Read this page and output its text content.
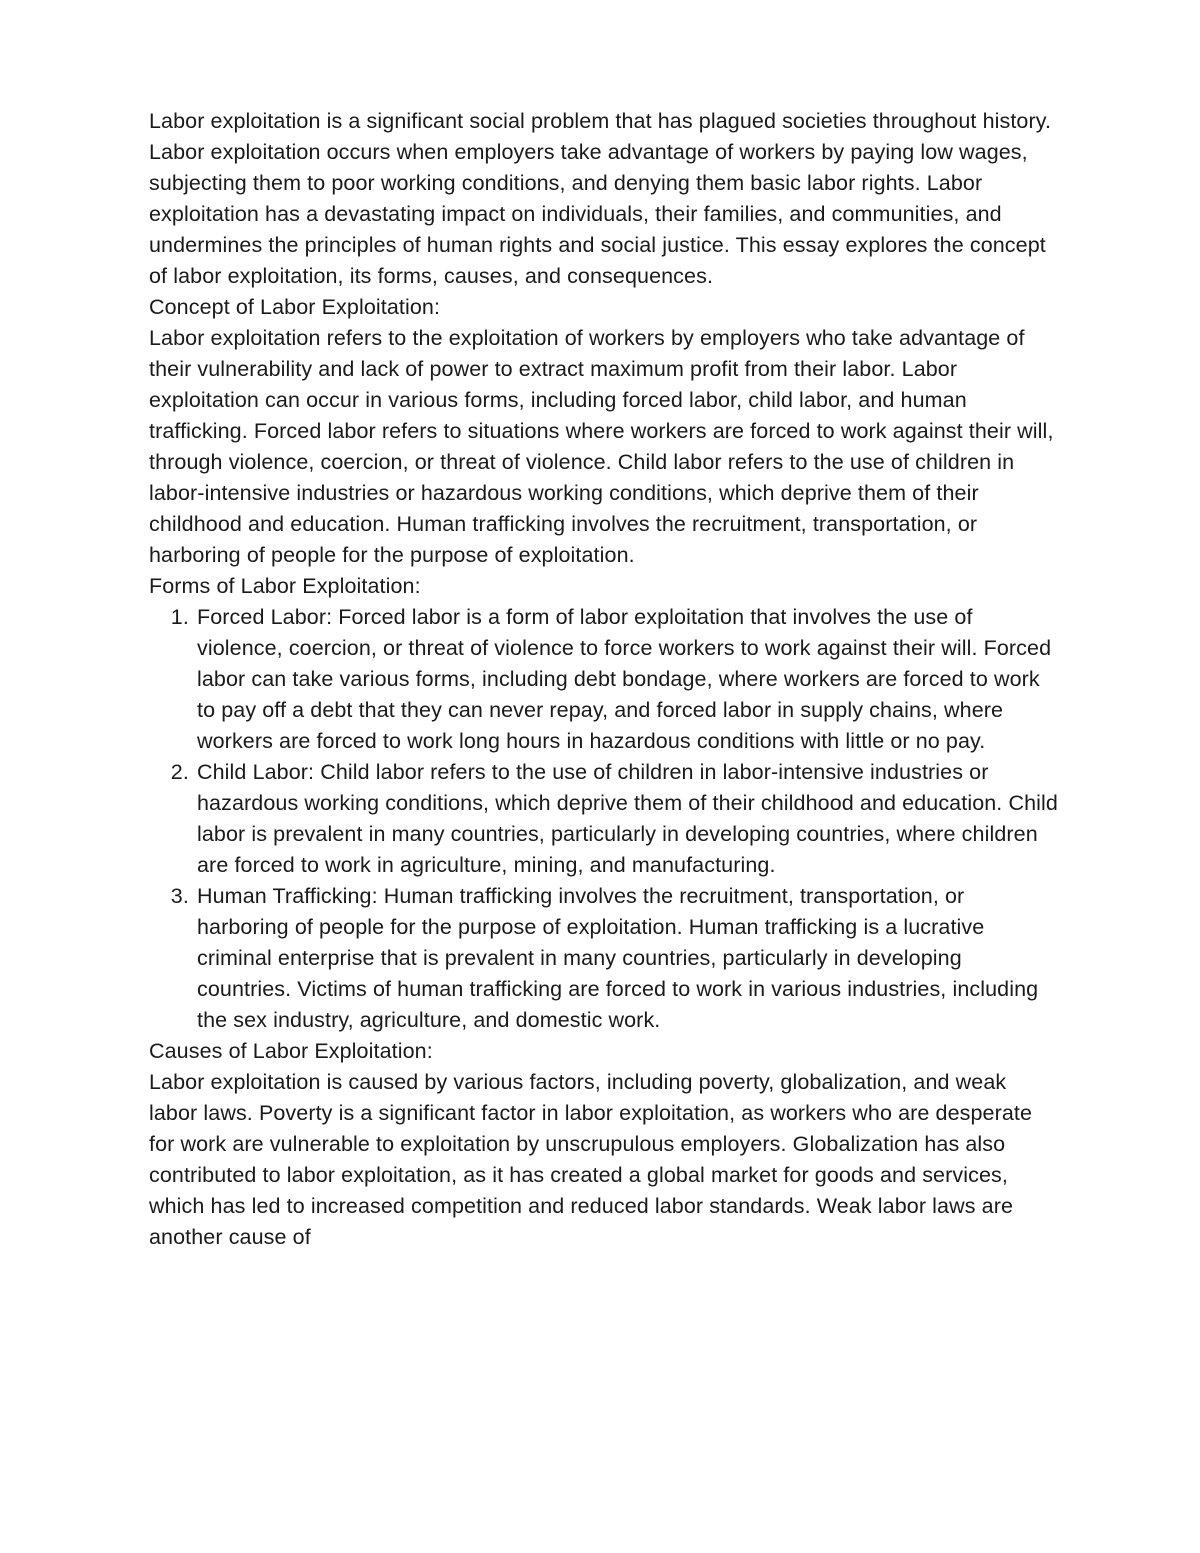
Labor exploitation is a significant social problem that has plagued societies throughout history. Labor exploitation occurs when employers take advantage of workers by paying low wages, subjecting them to poor working conditions, and denying them basic labor rights. Labor exploitation has a devastating impact on individuals, their families, and communities, and undermines the principles of human rights and social justice. This essay explores the concept of labor exploitation, its forms, causes, and consequences.

Concept of Labor Exploitation:

Labor exploitation refers to the exploitation of workers by employers who take advantage of their vulnerability and lack of power to extract maximum profit from their labor. Labor exploitation can occur in various forms, including forced labor, child labor, and human trafficking. Forced labor refers to situations where workers are forced to work against their will, through violence, coercion, or threat of violence. Child labor refers to the use of children in labor-intensive industries or hazardous working conditions, which deprive them of their childhood and education. Human trafficking involves the recruitment, transportation, or harboring of people for the purpose of exploitation.

Forms of Labor Exploitation:

1. Forced Labor: Forced labor is a form of labor exploitation that involves the use of violence, coercion, or threat of violence to force workers to work against their will. Forced labor can take various forms, including debt bondage, where workers are forced to work to pay off a debt that they can never repay, and forced labor in supply chains, where workers are forced to work long hours in hazardous conditions with little or no pay.
2. Child Labor: Child labor refers to the use of children in labor-intensive industries or hazardous working conditions, which deprive them of their childhood and education. Child labor is prevalent in many countries, particularly in developing countries, where children are forced to work in agriculture, mining, and manufacturing.
3. Human Trafficking: Human trafficking involves the recruitment, transportation, or harboring of people for the purpose of exploitation. Human trafficking is a lucrative criminal enterprise that is prevalent in many countries, particularly in developing countries. Victims of human trafficking are forced to work in various industries, including the sex industry, agriculture, and domestic work.

Causes of Labor Exploitation:

Labor exploitation is caused by various factors, including poverty, globalization, and weak labor laws. Poverty is a significant factor in labor exploitation, as workers who are desperate for work are vulnerable to exploitation by unscrupulous employers. Globalization has also contributed to labor exploitation, as it has created a global market for goods and services, which has led to increased competition and reduced labor standards. Weak labor laws are another cause of
